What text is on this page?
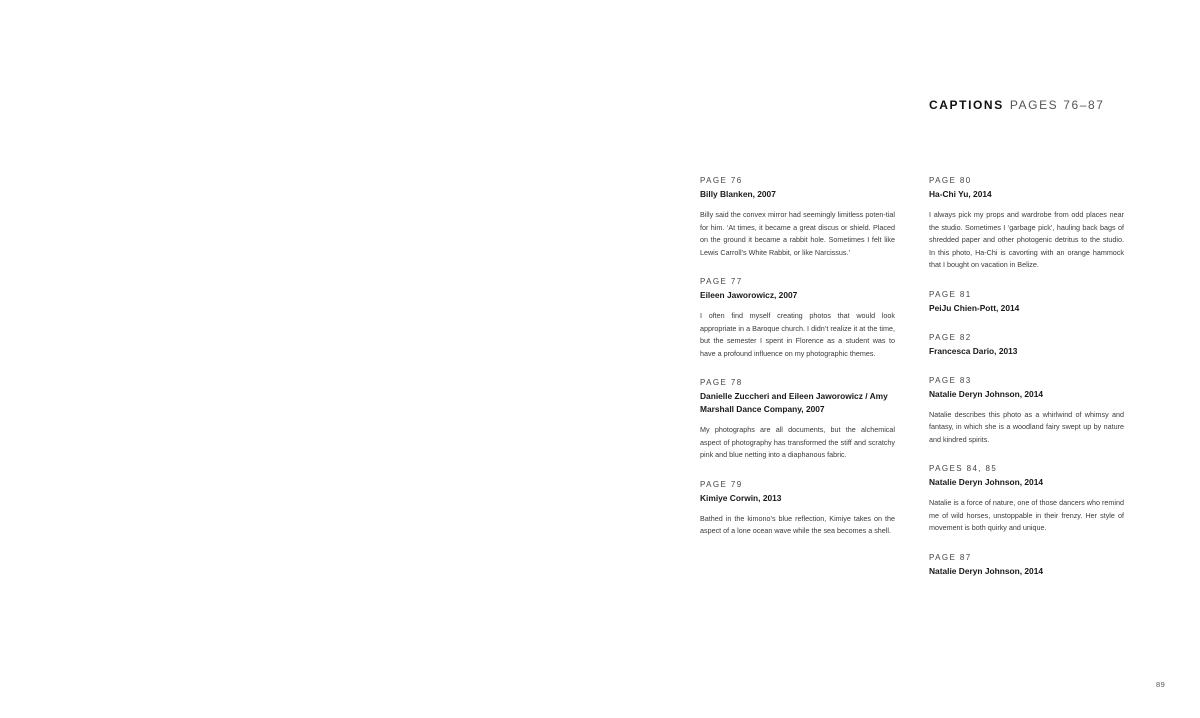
CAPTIONS PAGES 76–87
PAGE 76
Billy Blanken, 2007
Billy said the convex mirror had seemingly limitless poten-tial for him. ‘At times, it became a great discus or shield. Placed on the ground it became a rabbit hole. Sometimes I felt like Lewis Carroll’s White Rabbit, or like Narcissus.’
PAGE 77
Eileen Jaworowicz, 2007
I often find myself creating photos that would look appropriate in a Baroque church. I didn’t realize it at the time, but the semester I spent in Florence as a student was to have a profound influence on my photographic themes.
PAGE 78
Danielle Zuccheri and Eileen Jaworowicz / Amy Marshall Dance Company, 2007
My photographs are all documents, but the alchemical aspect of photography has transformed the stiff and scratchy pink and blue netting into a diaphanous fabric.
PAGE 79
Kimiye Corwin, 2013
Bathed in the kimono’s blue reflection, Kimiye takes on the aspect of a lone ocean wave while the sea becomes a shell.
PAGE 80
Ha-Chi Yu, 2014
I always pick my props and wardrobe from odd places near the studio. Sometimes I ‘garbage pick’, hauling back bags of shredded paper and other photogenic detritus to the studio. In this photo, Ha-Chi is cavorting with an orange hammock that I bought on vacation in Belize.
PAGE 81
PeiJu Chien-Pott, 2014
PAGE 82
Francesca Dario, 2013
PAGE 83
Natalie Deryn Johnson, 2014
Natalie describes this photo as a whirlwind of whimsy and fantasy, in which she is a woodland fairy swept up by nature and kindred spirits.
PAGES 84, 85
Natalie Deryn Johnson, 2014
Natalie is a force of nature, one of those dancers who remind me of wild horses, unstoppable in their frenzy. Her style of movement is both quirky and unique.
PAGE 87
Natalie Deryn Johnson, 2014
89
